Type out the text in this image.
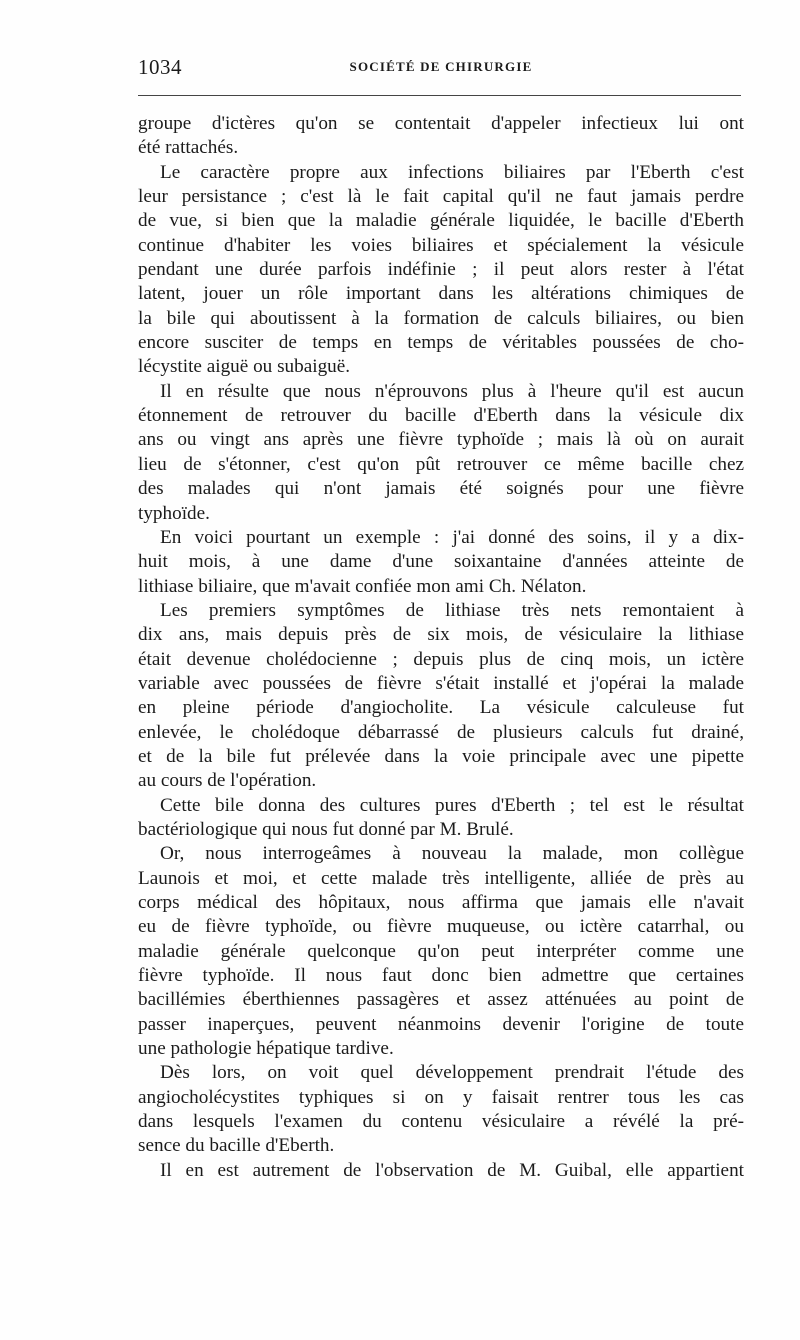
1034	SOCIÉTÉ DE CHIRURGIE
groupe d'ictères qu'on se contentait d'appeler infectieux lui ont
été rattachés.
Le caractère propre aux infections biliaires par l'Eberth c'est
leur persistance ; c'est là le fait capital qu'il ne faut jamais perdre
de vue, si bien que la maladie générale liquidée, le bacille d'Eberth
continue d'habiter les voies biliaires et spécialement la vésicule
pendant une durée parfois indéfinie ; il peut alors rester à l'état
latent, jouer un rôle important dans les altérations chimiques de
la bile qui aboutissent à la formation de calculs biliaires, ou bien
encore susciter de temps en temps de véritables poussées de cho-
lécystite aiguë ou subaiguë.
Il en résulte que nous n'éprouvons plus à l'heure qu'il est aucun
étonnement de retrouver du bacille d'Eberth dans la vésicule dix
ans ou vingt ans après une fièvre typhoïde ; mais là où on aurait
lieu de s'étonner, c'est qu'on pût retrouver ce même bacille chez
des malades qui n'ont jamais été soignés pour une fièvre
typhoïde.
En voici pourtant un exemple : j'ai donné des soins, il y a dix-
huit mois, à une dame d'une soixantaine d'années atteinte de
lithiase biliaire, que m'avait confiée mon ami Ch. Nélaton.
Les premiers symptômes de lithiase très nets remontaient à
dix ans, mais depuis près de six mois, de vésiculaire la lithiase
était devenue cholédocienne ; depuis plus de cinq mois, un ictère
variable avec poussées de fièvre s'était installé et j'opérai la malade
en pleine période d'angiocholite. La vésicule calculeuse fut
enlevée, le cholédoque débarrassé de plusieurs calculs fut drainé,
et de la bile fut prélevée dans la voie principale avec une pipette
au cours de l'opération.
Cette bile donna des cultures pures d'Eberth ; tel est le résultat
bactériologique qui nous fut donné par M. Brulé.
Or, nous interrogeâmes à nouveau la malade, mon collègue
Launois et moi, et cette malade très intelligente, alliée de près au
corps médical des hôpitaux, nous affirma que jamais elle n'avait
eu de fièvre typhoïde, ou fièvre muqueuse, ou ictère catarrhal, ou
maladie générale quelconque qu'on peut interpréter comme une
fièvre typhoïde. Il nous faut donc bien admettre que certaines
bacillémies éberthiennes passagères et assez atténuées au point de
passer inaperçues, peuvent néanmoins devenir l'origine de toute
une pathologie hépatique tardive.
Dès lors, on voit quel développement prendrait l'étude des
angiocholécystites typhiques si on y faisait rentrer tous les cas
dans lesquels l'examen du contenu vésiculaire a révélé la pré-
sence du bacille d'Eberth.
Il en est autrement de l'observation de M. Guibal, elle appartient
